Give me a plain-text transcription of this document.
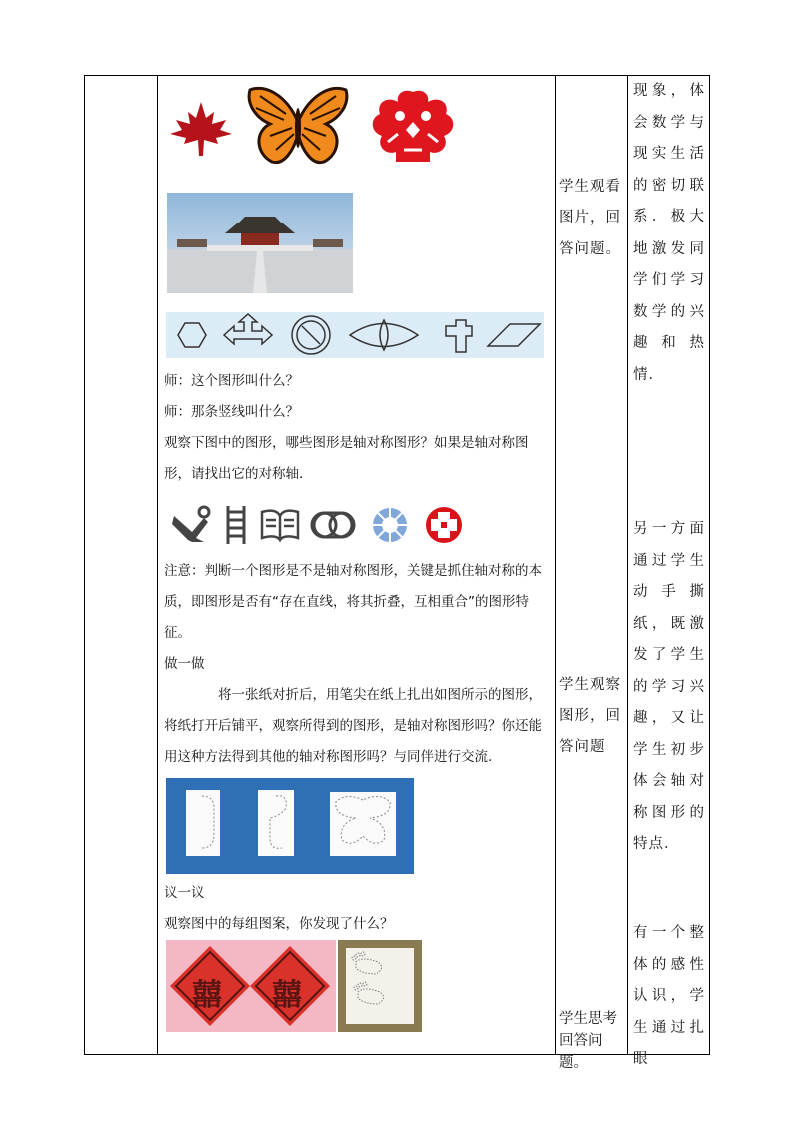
师：这个图形叫什么？
师：那条竖线叫什么？
观察下图中的图形，哪些图形是轴对称图形？如果是轴对称图形，请找出它的对称轴．
注意：判断一个图形是不是轴对称图形，关键是抓住轴对称的本质，即图形是否有“存在直线，将其折叠，互相重合”的图形特征。
做一做
将一张纸对折后，用笔尖在纸上扎出如图所示的图形，将纸打开后铺平，观察所得到的图形，是轴对称图形吗？你还能用这种方法得到其他的轴对称图形吗？与同伴进行交流.
议一议
观察图中的每组图案，你发现了什么？
囍 囍
学生观看图片，回答问题。
学生观察图形，回答问题
学生思考回答问题。
现象，体会数学与现实生活的密切联系．极大地激发同学们学习数学的兴趣和热情．
另一方面通过学生动手撕纸，既激发了学生的学习兴趣，又让学生初步体会轴对称图形的特点．
有一个整体的感性认识，学生通过扎眼
